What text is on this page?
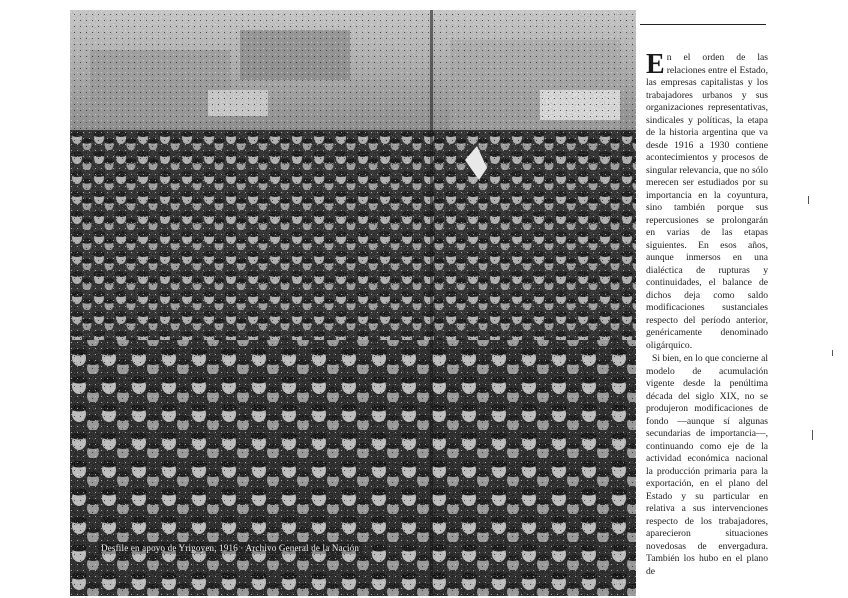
Desfile en apoyo de Yrigoyen, 1916 · Archivo General de la Nación

En el orden de las relaciones entre el Estado, las empresas capitalistas y los trabajadores urbanos y sus organizaciones representativas, sindicales y políticas, la etapa de la historia argentina que va desde 1916 a 1930 contiene acontecimientos y procesos de singular relevancia, que no sólo merecen ser estudiados por su importancia en la coyuntura, sino también porque sus repercusiones se prolongarán en varias de las etapas siguientes. En esos años, aunque inmersos en una dialéctica de rupturas y continuidades, el balance de dichos deja como saldo modificaciones sustanciales respecto del período anterior, genéricamente denominado oligárquico.

Si bien, en lo que concierne al modelo de acumulación vigente desde la penúltima década del siglo XIX, no se produjeron modificaciones de fondo —aunque sí algunas secundarias de importancia—, continuando como eje de la actividad económica nacional la producción primaria para la exportación, en el plano del Estado y su particular en relativa a sus intervenciones respecto de los trabajadores, aparecieron situaciones novedosas de envergadura. También los hubo en el plano de
